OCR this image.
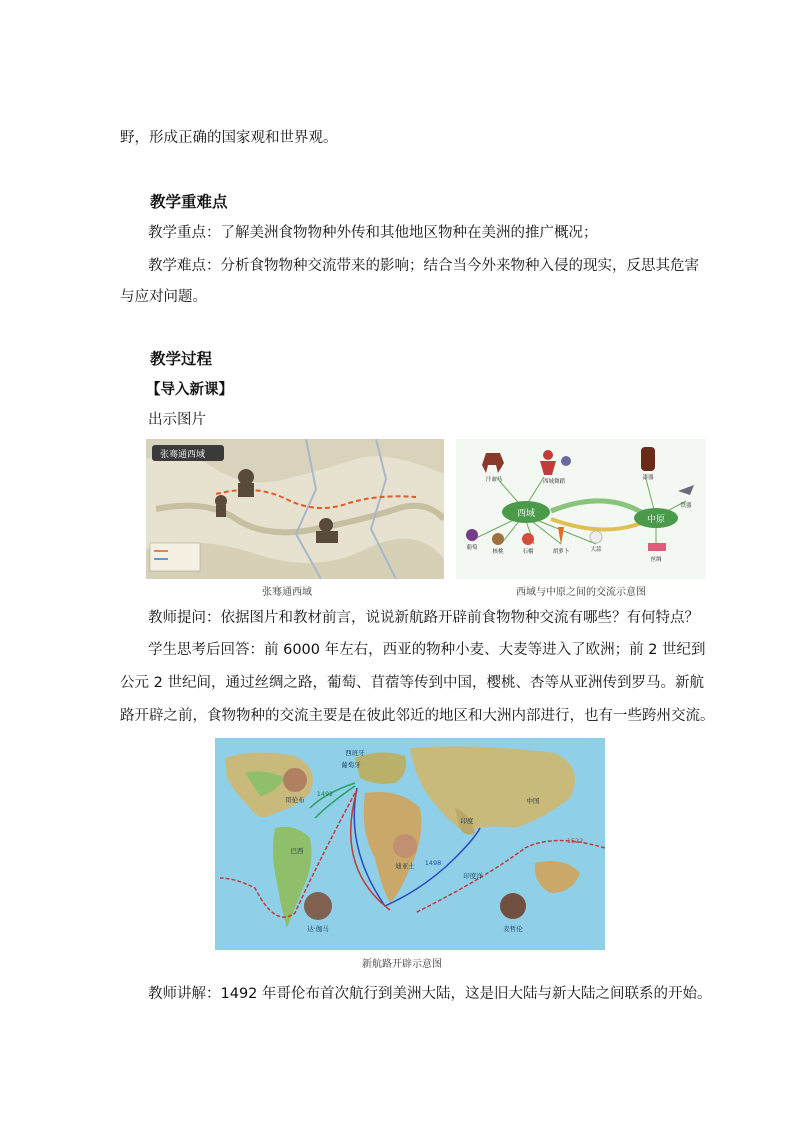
野，形成正确的国家观和世界观。
教学重难点
教学重点：了解美洲食物物种外传和其他地区物种在美洲的推广概况；
教学难点：分析食物物种交流带来的影响；结合当今外来物种入侵的现实，反思其危害
与应对问题。
教学过程
【导入新课】
出示图片
张骞通西域
张骞通西域
西域
中原
汗血马	西域舞蹈
葡萄
核桃	石榴	胡萝卜	大蒜
漆器
铁器
丝绸
西域与中原之间的交流示意图
教师提问：依据图片和教材前言，说说新航路开辟前食物物种交流有哪些？有何特点？
学生思考后回答：前 6000 年左右，西亚的物种小麦、大麦等进入了欧洲；前 2 世纪到
公元 2 世纪间，通过丝绸之路，葡萄、苜蓿等传到中国，樱桃、杏等从亚洲传到罗马。新航
路开辟之前，食物物种的交流主要是在彼此邻近的地区和大洲内部进行，也有一些跨州交流。
西班牙
葡萄牙
中国
印度
巴西
印度洋
1492
1498
1522
哥伦布
迪亚士
达·伽马	麦哲伦
新航路开辟示意图
教师讲解：1492 年哥伦布首次航行到美洲大陆，这是旧大陆与新大陆之间联系的开始。
